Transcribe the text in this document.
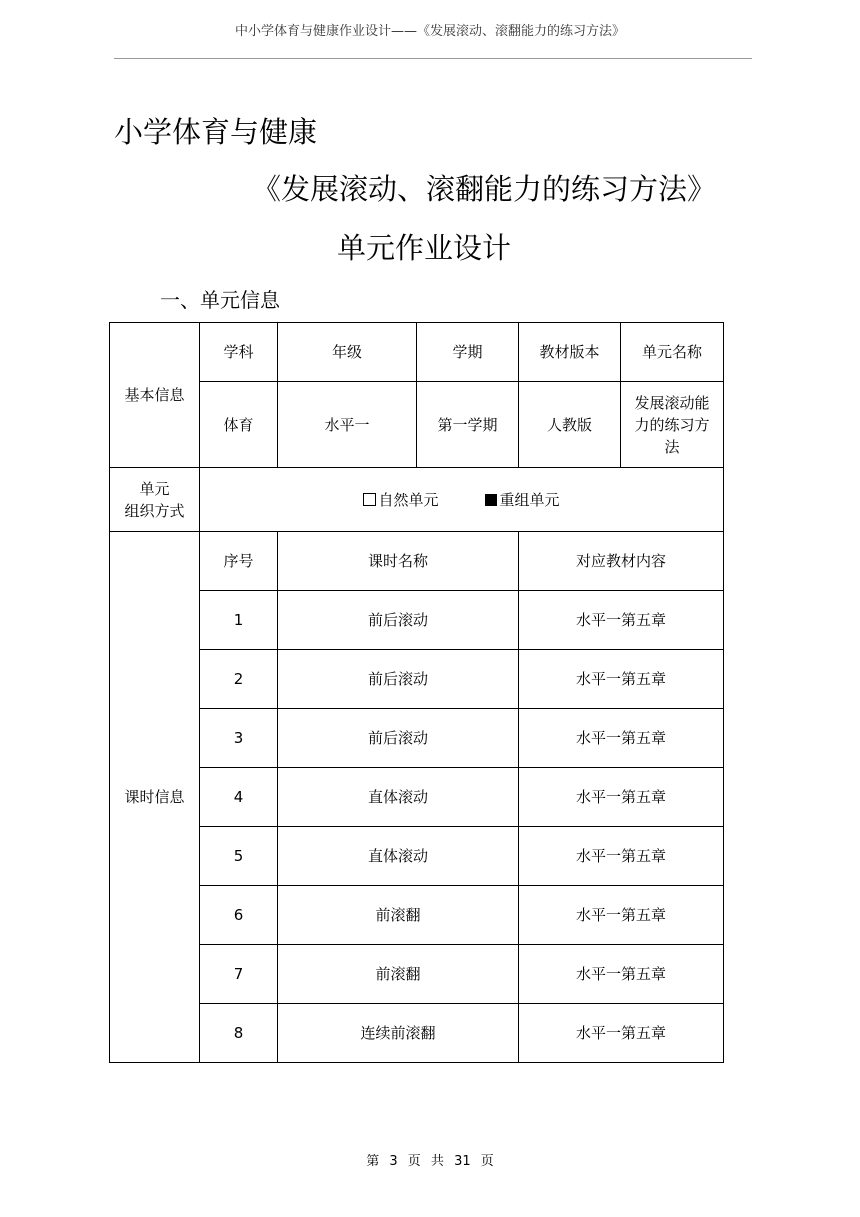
中小学体育与健康作业设计——《发展滚动、滚翻能力的练习方法》
小学体育与健康
《发展滚动、滚翻能力的练习方法》
单元作业设计
一、单元信息
基本信息	学科	年级	学期	教材版本	单元名称
	体育	水平一	第一学期	人教版	发展滚动能
力的练习方
法
单元
组织方式	自然单元 重组单元				
课时信息	序号	课时名称		对应教材内容	
	1	前后滚动		水平一第五章	
	2	前后滚动		水平一第五章	
	3	前后滚动		水平一第五章	
	4	直体滚动		水平一第五章	
	5	直体滚动		水平一第五章	
	6	前滚翻		水平一第五章	
	7	前滚翻		水平一第五章	
	8	连续前滚翻		水平一第五章	
第 3 页 共 31 页
